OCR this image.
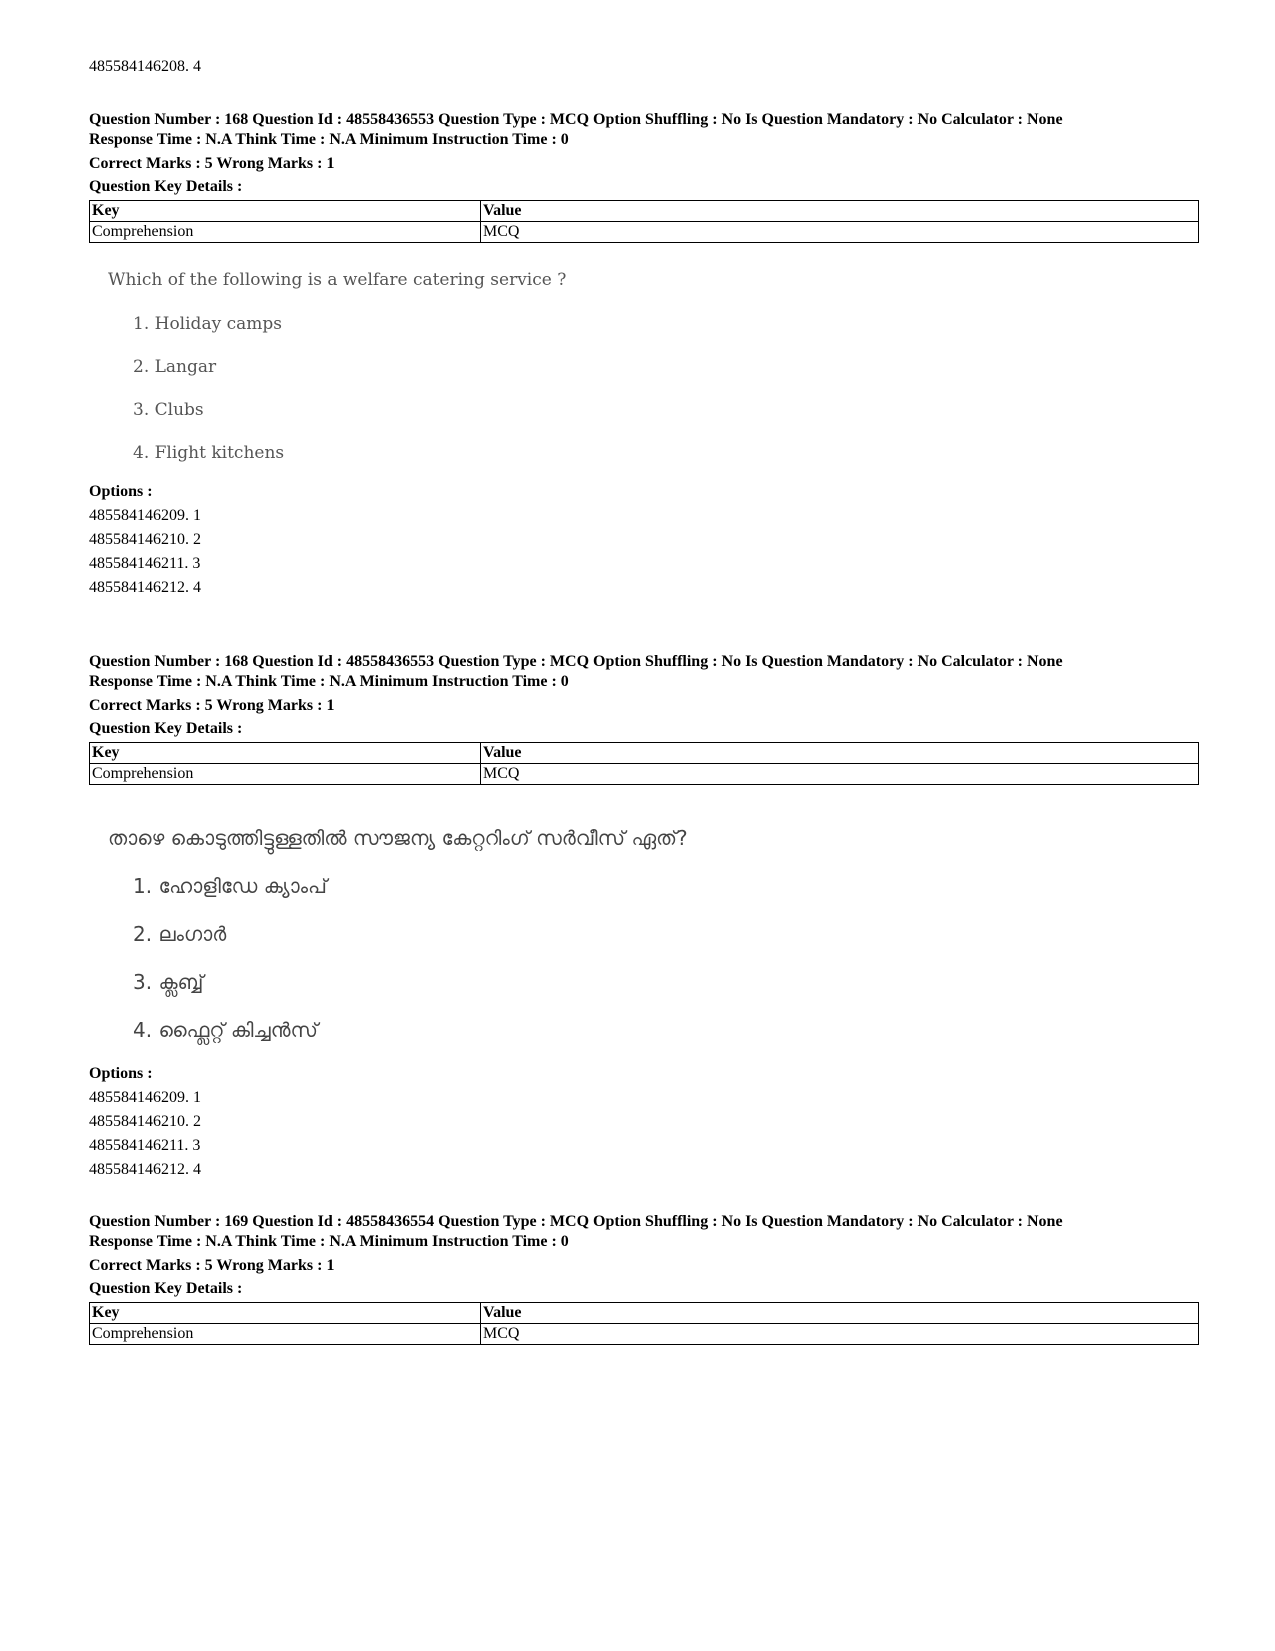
485584146208. 4
Question Number : 168 Question Id : 48558436553 Question Type : MCQ Option Shuffling : No Is Question Mandatory : No Calculator : None
Response Time : N.A Think Time : N.A Minimum Instruction Time : 0
Correct Marks : 5 Wrong Marks : 1
Question Key Details :
Key	Value
Comprehension	MCQ
Which of the following is a welfare catering service ?
1. Holiday camps
2. Langar
3. Clubs
4. Flight kitchens
Options :
485584146209. 1
485584146210. 2
485584146211. 3
485584146212. 4
Question Number : 168 Question Id : 48558436553 Question Type : MCQ Option Shuffling : No Is Question Mandatory : No Calculator : None
Response Time : N.A Think Time : N.A Minimum Instruction Time : 0
Correct Marks : 5 Wrong Marks : 1
Question Key Details :
Key	Value
Comprehension	MCQ
താഴെ കൊടുത്തിട്ടുള്ളതിൽ സൗജന്യ കേറ്ററിംഗ് സർവീസ് ഏത്?
1. ഹോളിഡേ ക്യാംപ്
2. ലംഗാർ
3. ക്ലബ്ബ്
4. ഫ്ലൈറ്റ് കിച്ചൻസ്
Options :
485584146209. 1
485584146210. 2
485584146211. 3
485584146212. 4
Question Number : 169 Question Id : 48558436554 Question Type : MCQ Option Shuffling : No Is Question Mandatory : No Calculator : None
Response Time : N.A Think Time : N.A Minimum Instruction Time : 0
Correct Marks : 5 Wrong Marks : 1
Question Key Details :
Key	Value
Comprehension	MCQ
